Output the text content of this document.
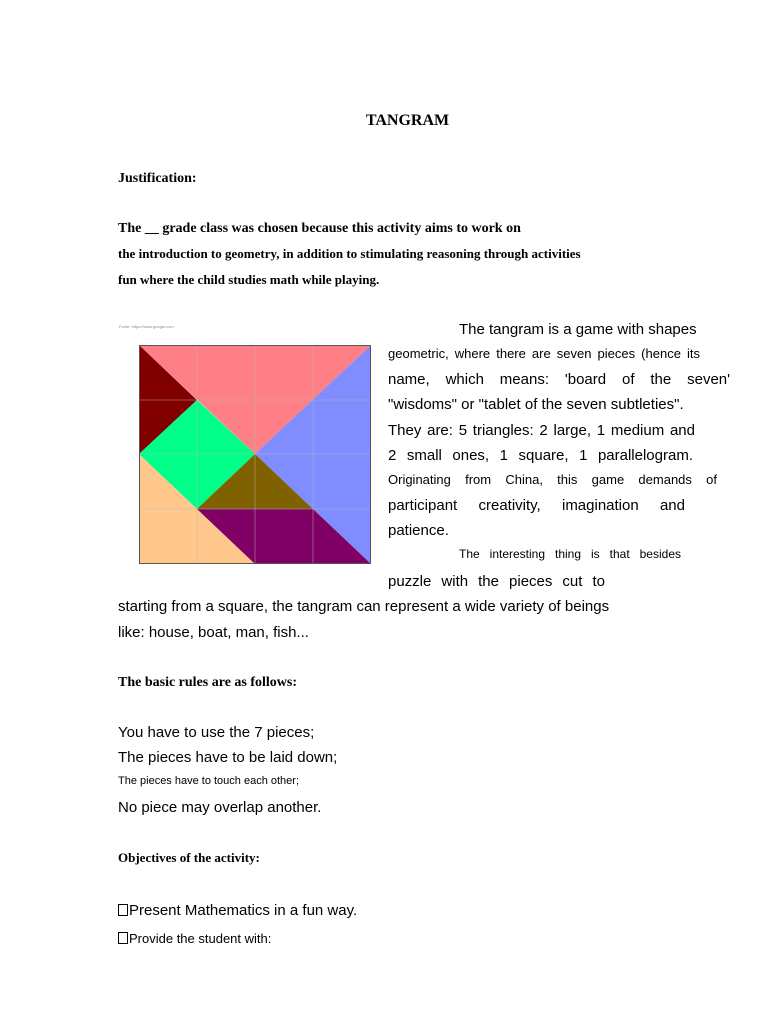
TANGRAM
Justification:
The __ grade class was chosen because this activity aims to work on
the introduction to geometry, in addition to stimulating reasoning through activities
fun where the child studies math while playing.
Fonte: https://www.google.com	The tangram is a game with shapes
geometric, where there are seven pieces (hence its
name, which means: 'board of the seven'
"wisdoms" or "tablet of the seven subtleties".
They are: 5 triangles: 2 large, 1 medium and
2 small ones, 1 square, 1 parallelogram.
Originating from China, this game demands of
participant creativity, imagination and
patience.
The interesting thing is that besides
puzzle with the pieces cut to
starting from a square, the tangram can represent a wide variety of beings
like: house, boat, man, fish...
The basic rules are as follows:
You have to use the 7 pieces;
The pieces have to be laid down;
The pieces have to touch each other;
No piece may overlap another.
Objectives of the activity:
Present Mathematics in a fun way.
Provide the student with:
